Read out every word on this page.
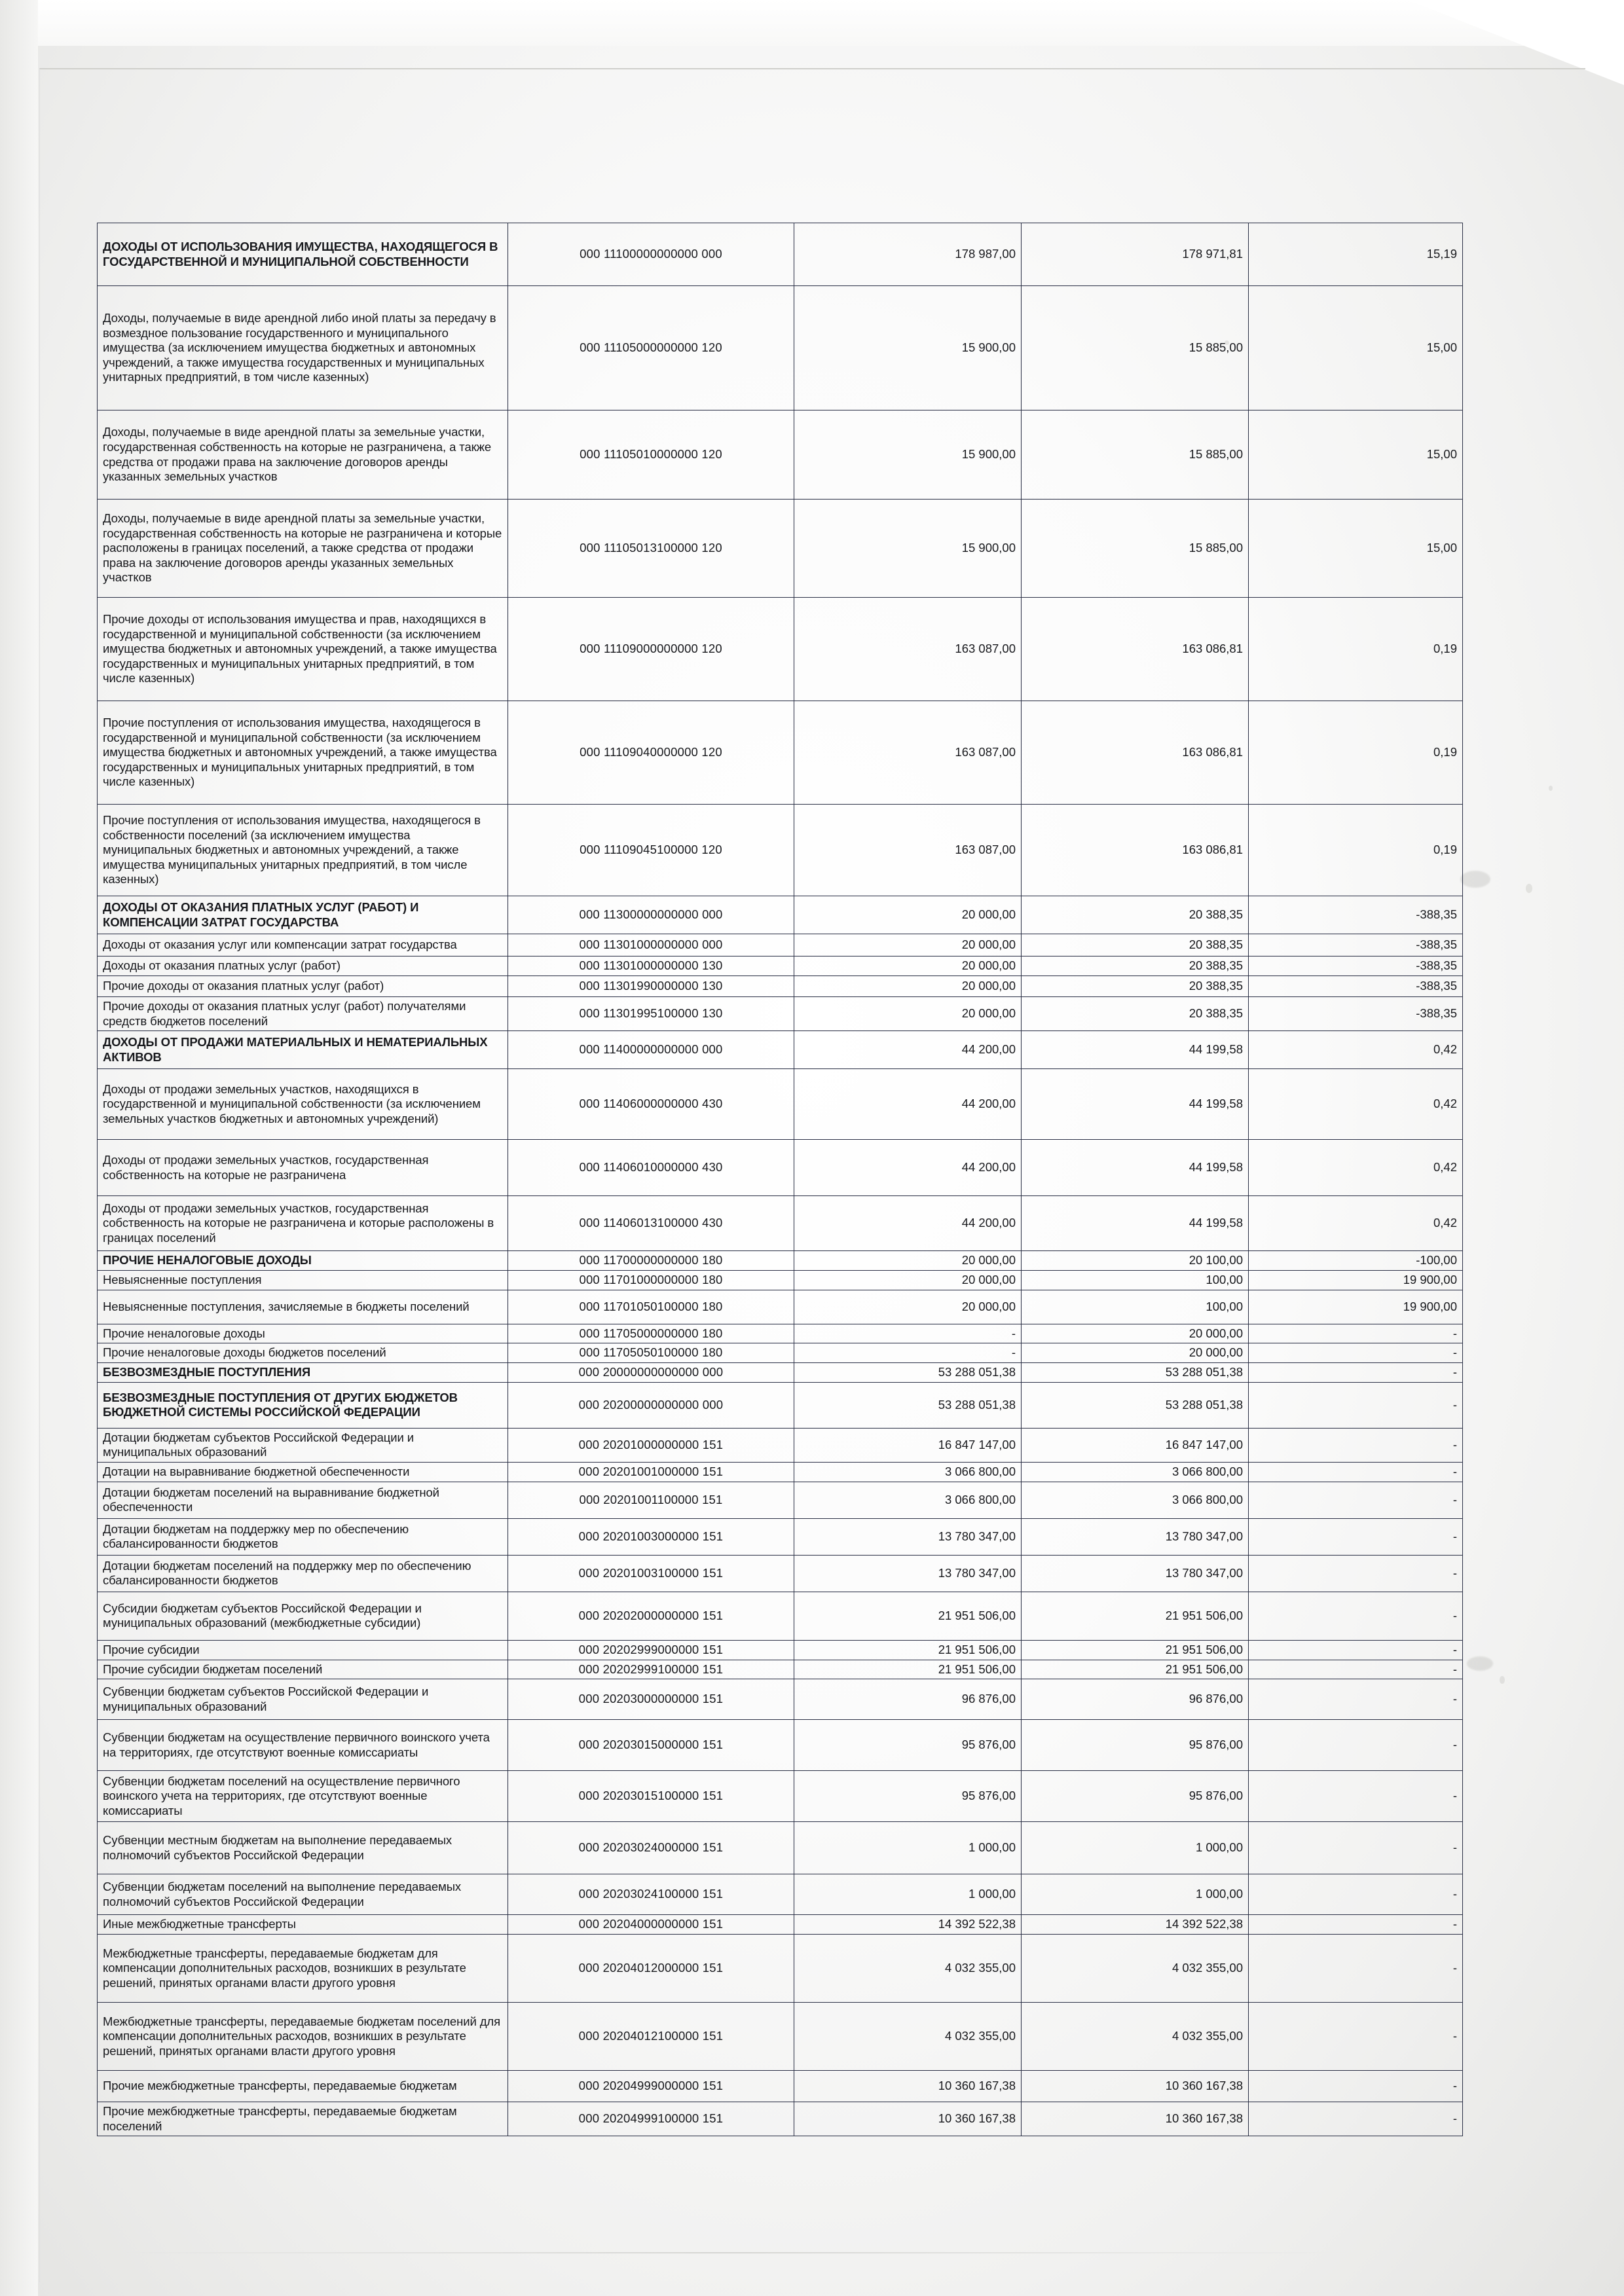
ДОХОДЫ ОТ ИСПОЛЬЗОВАНИЯ ИМУЩЕСТВА, НАХОДЯЩЕГОСЯ В ГОСУДАРСТВЕННОЙ И МУНИЦИПАЛЬНОЙ СОБСТВЕННОСТИ	000 11100000000000 000	178 987,00	178 971,81	15,19
Доходы, получаемые в виде арендной либо иной платы за передачу в возмездное пользование государственного и муниципального имущества (за исключением имущества бюджетных и автономных учреждений, а также имущества государственных и муниципальных унитарных предприятий, в том числе казенных)	000 11105000000000 120	15 900,00	15 885,00	15,00
Доходы, получаемые в виде арендной платы за земельные участки, государственная собственность на которые не разграничена, а также средства от продажи права на заключение договоров аренды указанных земельных участков	000 11105010000000 120	15 900,00	15 885,00	15,00
Доходы, получаемые в виде арендной платы за земельные участки, государственная собственность на которые не разграничена и которые расположены в границах поселений, а также средства от продажи права на заключение договоров аренды указанных земельных участков	000 11105013100000 120	15 900,00	15 885,00	15,00
Прочие доходы от использования имущества и прав, находящихся в государственной и муниципальной собственности (за исключением имущества бюджетных и автономных учреждений, а также имущества государственных и муниципальных унитарных предприятий, в том числе казенных)	000 11109000000000 120	163 087,00	163 086,81	0,19
Прочие поступления от использования имущества, находящегося в государственной и муниципальной собственности (за исключением имущества бюджетных и автономных учреждений, а также имущества государственных и муниципальных унитарных предприятий, в том числе казенных)	000 11109040000000 120	163 087,00	163 086,81	0,19
Прочие поступления от использования имущества, находящегося в собственности поселений (за исключением имущества муниципальных бюджетных и автономных учреждений, а также имущества муниципальных унитарных предприятий, в том числе казенных)	000 11109045100000 120	163 087,00	163 086,81	0,19
ДОХОДЫ ОТ ОКАЗАНИЯ ПЛАТНЫХ УСЛУГ (РАБОТ) И КОМПЕНСАЦИИ ЗАТРАТ ГОСУДАРСТВА	000 11300000000000 000	20 000,00	20 388,35	-388,35
Доходы от оказания услуг или компенсации затрат государства	000 11301000000000 000	20 000,00	20 388,35	-388,35
Доходы от оказания платных услуг (работ)	000 11301000000000 130	20 000,00	20 388,35	-388,35
Прочие доходы от оказания платных услуг (работ)	000 11301990000000 130	20 000,00	20 388,35	-388,35
Прочие доходы от оказания платных услуг (работ) получателями средств бюджетов поселений	000 11301995100000 130	20 000,00	20 388,35	-388,35
ДОХОДЫ ОТ ПРОДАЖИ МАТЕРИАЛЬНЫХ И НЕМАТЕРИАЛЬНЫХ АКТИВОВ	000 11400000000000 000	44 200,00	44 199,58	0,42
Доходы от продажи земельных участков, находящихся в государственной и муниципальной собственности (за исключением земельных участков бюджетных и автономных учреждений)	000 11406000000000 430	44 200,00	44 199,58	0,42
Доходы от продажи земельных участков, государственная собственность на которые не разграничена	000 11406010000000 430	44 200,00	44 199,58	0,42
Доходы от продажи земельных участков, государственная собственность на которые не разграничена и которые расположены в границах поселений	000 11406013100000 430	44 200,00	44 199,58	0,42
ПРОЧИЕ НЕНАЛОГОВЫЕ ДОХОДЫ	000 11700000000000 180	20 000,00	20 100,00	-100,00
Невыясненные поступления	000 11701000000000 180	20 000,00	100,00	19 900,00
Невыясненные поступления, зачисляемые в бюджеты поселений	000 11701050100000 180	20 000,00	100,00	19 900,00
Прочие неналоговые доходы	000 11705000000000 180	-	20 000,00	-
Прочие неналоговые доходы бюджетов поселений	000 11705050100000 180	-	20 000,00	-
БЕЗВОЗМЕЗДНЫЕ ПОСТУПЛЕНИЯ	000 20000000000000 000	53 288 051,38	53 288 051,38	-
БЕЗВОЗМЕЗДНЫЕ ПОСТУПЛЕНИЯ ОТ ДРУГИХ БЮДЖЕТОВ БЮДЖЕТНОЙ СИСТЕМЫ РОССИЙСКОЙ ФЕДЕРАЦИИ	000 20200000000000 000	53 288 051,38	53 288 051,38	-
Дотации бюджетам субъектов Российской Федерации и муниципальных образований	000 20201000000000 151	16 847 147,00	16 847 147,00	-
Дотации на выравнивание бюджетной обеспеченности	000 20201001000000 151	3 066 800,00	3 066 800,00	-
Дотации бюджетам поселений на выравнивание бюджетной обеспеченности	000 20201001100000 151	3 066 800,00	3 066 800,00	-
Дотации бюджетам на поддержку мер по обеспечению сбалансированности бюджетов	000 20201003000000 151	13 780 347,00	13 780 347,00	-
Дотации бюджетам поселений на поддержку мер по обеспечению сбалансированности бюджетов	000 20201003100000 151	13 780 347,00	13 780 347,00	-
Субсидии бюджетам субъектов Российской Федерации и муниципальных образований (межбюджетные субсидии)	000 20202000000000 151	21 951 506,00	21 951 506,00	-
Прочие субсидии	000 20202999000000 151	21 951 506,00	21 951 506,00	-
Прочие субсидии бюджетам поселений	000 20202999100000 151	21 951 506,00	21 951 506,00	-
Субвенции бюджетам субъектов Российской Федерации и муниципальных образований	000 20203000000000 151	96 876,00	96 876,00	-
Субвенции бюджетам на осуществление первичного воинского учета на территориях, где отсутствуют военные комиссариаты	000 20203015000000 151	95 876,00	95 876,00	-
Субвенции бюджетам поселений на осуществление первичного воинского учета на территориях, где отсутствуют военные комиссариаты	000 20203015100000 151	95 876,00	95 876,00	-
Субвенции местным бюджетам на выполнение передаваемых полномочий субъектов Российской Федерации	000 20203024000000 151	1 000,00	1 000,00	-
Субвенции бюджетам поселений на выполнение передаваемых полномочий субъектов Российской Федерации	000 20203024100000 151	1 000,00	1 000,00	-
Иные межбюджетные трансферты	000 20204000000000 151	14 392 522,38	14 392 522,38	-
Межбюджетные трансферты, передаваемые бюджетам для компенсации дополнительных расходов, возникших в результате решений, принятых органами власти другого уровня	000 20204012000000 151	4 032 355,00	4 032 355,00	-
Межбюджетные трансферты, передаваемые бюджетам поселений для компенсации дополнительных расходов, возникших в результате решений, принятых органами власти другого уровня	000 20204012100000 151	4 032 355,00	4 032 355,00	-
Прочие межбюджетные трансферты, передаваемые бюджетам	000 20204999000000 151	10 360 167,38	10 360 167,38	-
Прочие межбюджетные трансферты, передаваемые бюджетам поселений	000 20204999100000 151	10 360 167,38	10 360 167,38	-
